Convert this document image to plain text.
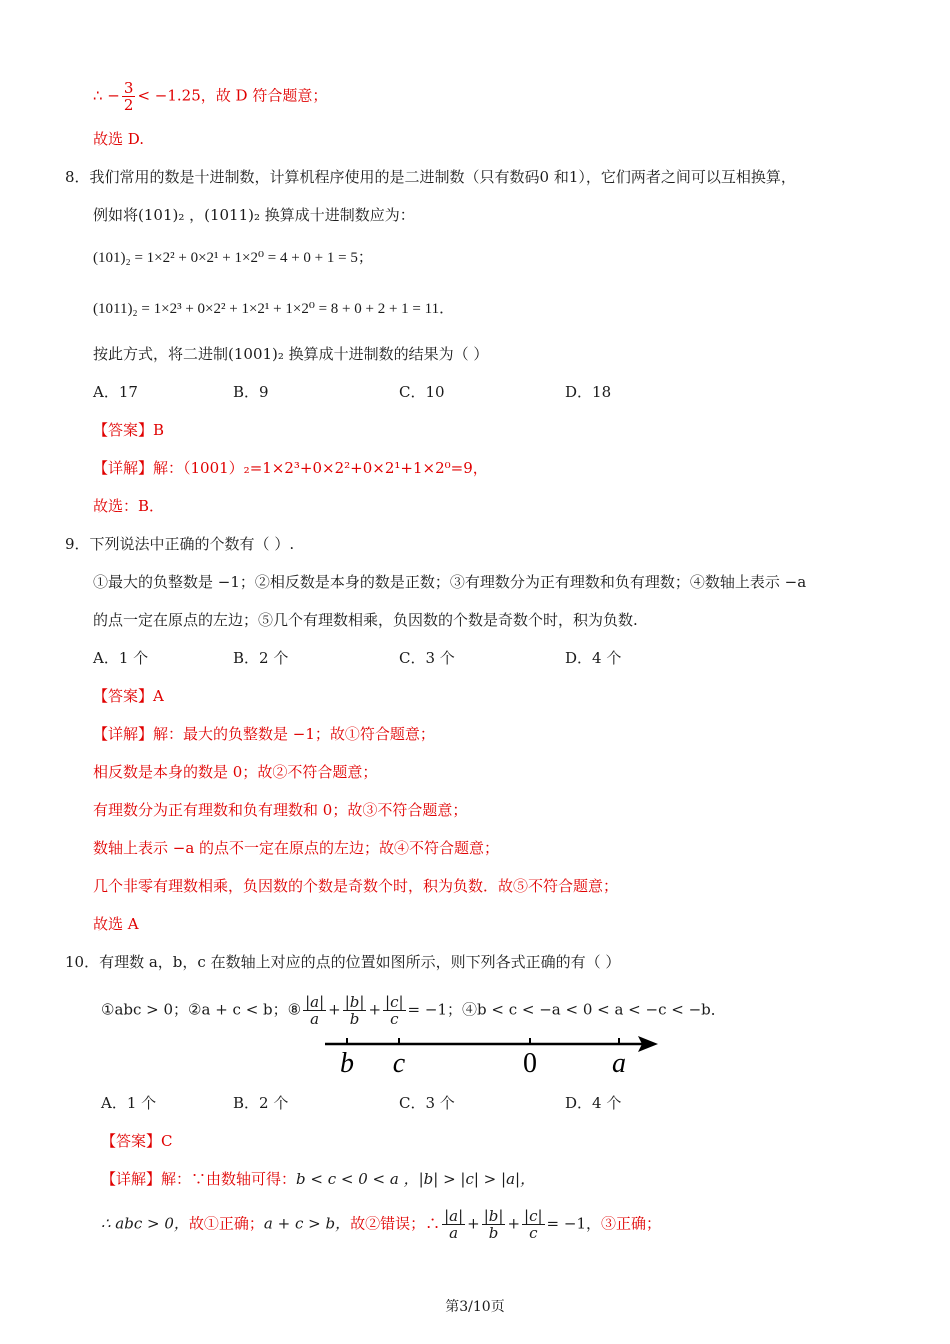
∴ − $\frac{3}{2} < -1.25$，故 D 符合题意；
故选 D.
8．我们常用的数是十进制数，计算机程序使用的是二进制数（只有数码0 和1），它们两者之间可以互相换算，
例如将(101)₂ ，(1011)₂ 换算成十进制数应为：
(101)₂ = 1×2² + 0×2¹ + 1×2⁰ = 4 + 0 + 1 = 5；
(1011)₂ = 1×2³ + 0×2² + 1×2¹ + 1×2⁰ = 8 + 0 + 2 + 1 = 11．
按此方式，将二进制(1001)₂ 换算成十进制数的结果为（ ）
A．17	B．9	C．10	D．18
【答案】B
【详解】解：（1001）₂=1×2³+0×2²+0×2¹+1×2⁰=9，
故选：B．
9．下列说法中正确的个数有（ ）.
①最大的负整数是 −1；②相反数是本身的数是正数；③有理数分为正有理数和负有理数；④数轴上表示 −a
的点一定在原点的左边；⑤几个有理数相乘，负因数的个数是奇数个时，积为负数.
A．1 个	B．2 个	C．3 个	D．4 个
【答案】A
【详解】解：最大的负整数是 −1；故①符合题意；
相反数是本身的数是 0；故②不符合题意；
有理数分为正有理数和负有理数和 0；故③不符合题意；
数轴上表示 −a 的点不一定在原点的左边；故④不符合题意；
几个非零有理数相乘，负因数的个数是奇数个时，积为负数．故⑤不符合题意；
故选 A
10．有理数 a，b，c 在数轴上对应的点的位置如图所示，则下列各式正确的有（ ）
①abc > 0；②a + c < b；⑧ $\frac{|a|}{a} + \frac{|b|}{b} + \frac{|c|}{c} = -1$；④b < c < −a < 0 < a < −c < −b．
b c	0	a
A．1 个	B．2 个	C．3 个	D．4 个
【答案】C
【详解】解：∵由数轴可得：b < c < 0 < a ，|b| > |c| > |a|，
∴ abc > 0，故①正确；a + c > b，故②错误；∴ $\frac{|a|}{a} + \frac{|b|}{b} + \frac{|c|}{c} = -1$，③正确；
第3/10页
